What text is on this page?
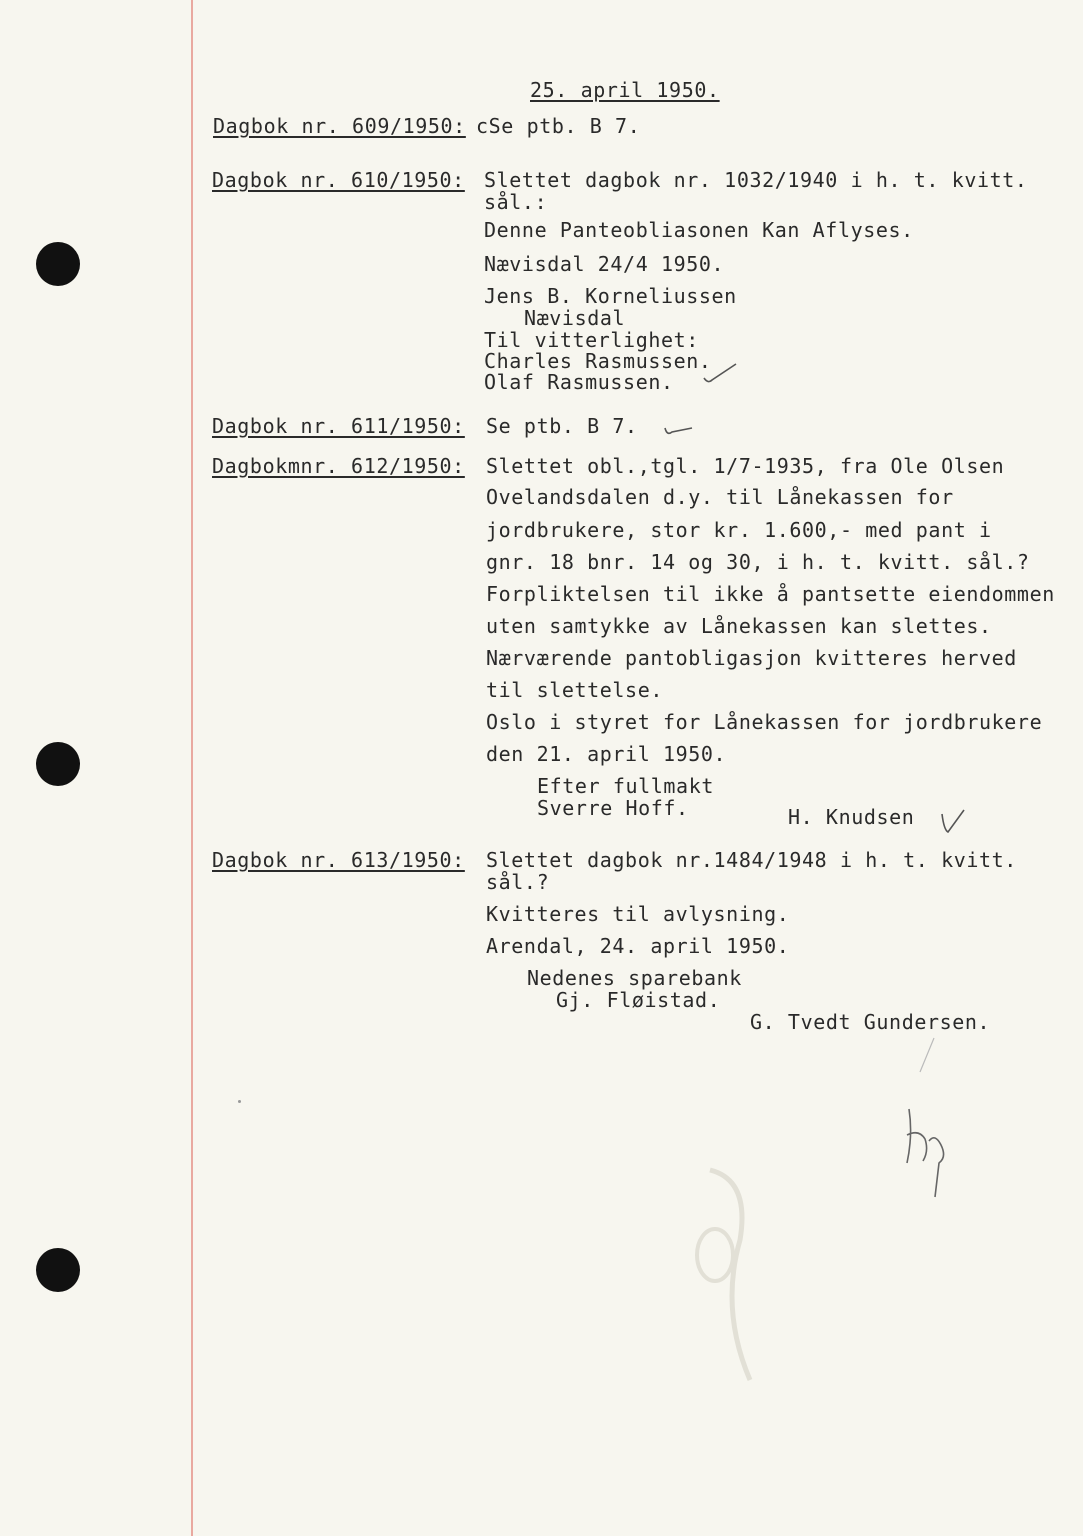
25. april 1950.
Dagbok nr. 609/1950: cSe ptb. B 7.
Dagbok nr. 610/1950: Slettet dagbok nr. 1032/1940 i h. t. kvitt.
sål.:
Denne Panteobliasonen Kan Aflyses.
Nævisdal 24/4 1950.
Jens B. Korneliussen
Nævisdal
Til vitterlighet:
Charles Rasmussen.
Olaf Rasmussen.
Dagbok nr. 611/1950: Se ptb. B 7.
Dagbokmnr. 612/1950: Slettet obl.,tgl. 1/7-1935, fra Ole Olsen
Ovelandsdalen d.y. til Lånekassen for
jordbrukere, stor kr. 1.600,- med pant i
gnr. 18 bnr. 14 og 30, i h. t. kvitt. sål.?
Forpliktelsen til ikke å pantsette eiendommen
uten samtykke av Lånekassen kan slettes.
Nærværende pantobligasjon kvitteres herved
til slettelse.
Oslo i styret for Lånekassen for jordbrukere
den 21. april 1950.
Efter fullmakt
Sverre Hoff.	H. Knudsen
Dagbok nr. 613/1950: Slettet dagbok nr.1484/1948 i h. t. kvitt.
sål.?
Kvitteres til avlysning.
Arendal, 24. april 1950.
Nedenes sparebank
Gj. Fløistad.
G. Tvedt Gundersen.
